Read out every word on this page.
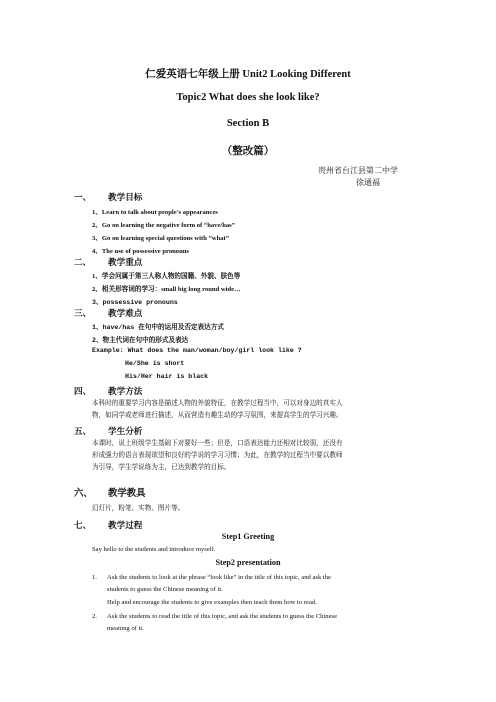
仁爱英语七年级上册 Unit2 Looking Different
Topic2 What does she look like?
Section B
（整改篇）
贵州省台江县第二中学
徐通福
一、 教学目标
1、Learn to talk about people's appearances
2、Go on learning the negative form of “have/has”
3、Go on learning special questions with “what”
4、The use of possessive pronouns
二、 教学重点
1、学会问属于第三人称人物的国籍、外貌、肤色等
2、相关形容词的学习：small big long round wide…
3、possessive pronouns
三、 教学难点
1、have/has 在句中的运用及否定表达方式
2、物主代词在句中的形式及表达
Example: What does the man/woman/boy/girl look like ?
He/She is short
His/Her hair is black
四、 教学方法
本科时的重要学习内容是描述人物的外貌特征，在教学过程当中，可以对身边的真实人
物，如同学或老师进行描述，从而营造有趣生动的学习氛围，来提高学生的学习兴趣。
五、 学生分析
本课时，说上班级学生基础下对要好一些；但是，口语表达能力还相对比较弱，还没有
形成强力的语言表现欲望和良好的学说的学习习惯；为此，在教学的过程当中要以教师
为引导，学生学说练为主，已达到教学的目标。
六、 教学教具
幻灯片，粉笔、实物、图片等。
七、 教学过程
Step1 Greeting
Say hello to the students and introduce myself.
Step2 presentation
1. Ask the students to look at the phrase “look like” in the title of this topic, and ask the
students to guess the Chinese meaning of it.
Help and encourage the students to give examples then teach them how to read.
2. Ask the students to read the title of this topic, and ask the students to guess the Chinese
meaning of it.
